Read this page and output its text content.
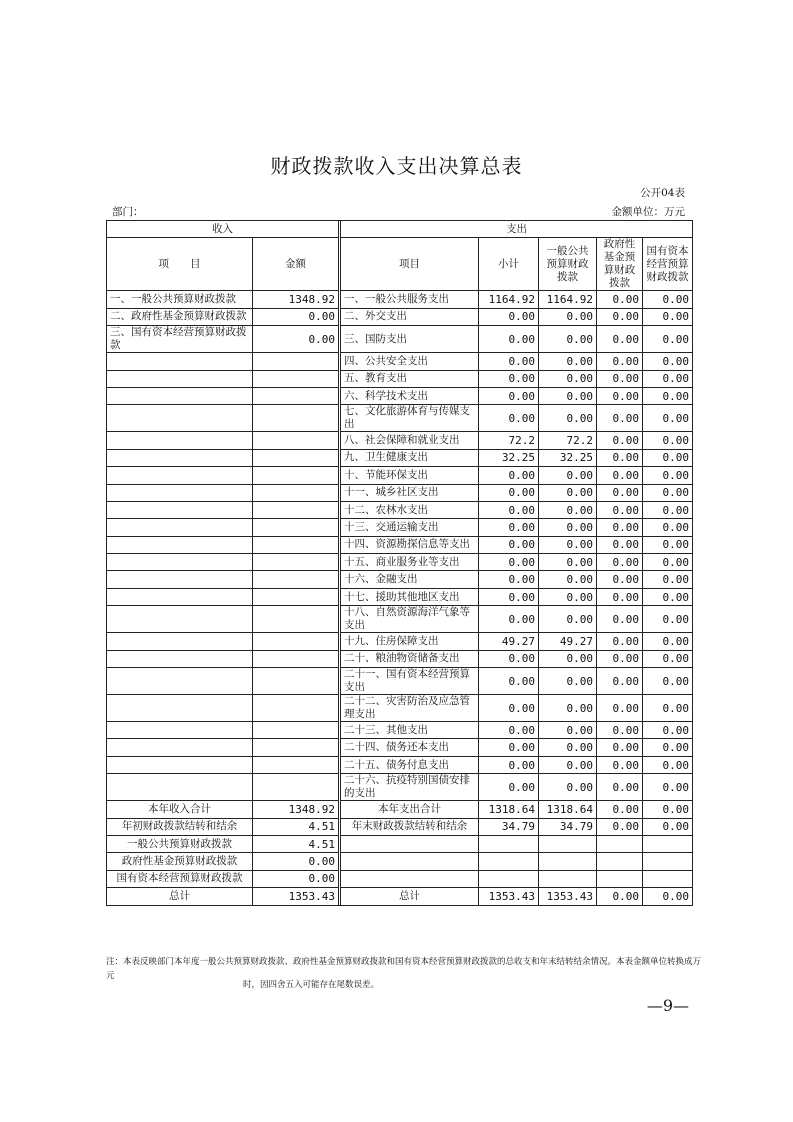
财政拨款收入支出决算总表
公开04表
部门：	金额单位：万元
收入			支出				
项　　目	金额		项目	小计	一般公共预算财政拨款	政府性基金预算财政拨款	国有资本经营预算财政拨款
一、一般公共预算财政拨款	1348.92		一、一般公共服务支出	1164.92	1164.92	0.00	0.00
二、政府性基金预算财政拨款	0.00		二、外交支出	0.00	0.00	0.00	0.00
三、国有资本经营预算财政拨款	0.00		三、国防支出	0.00	0.00	0.00	0.00
			四、公共安全支出	0.00	0.00	0.00	0.00
			五、教育支出	0.00	0.00	0.00	0.00
			六、科学技术支出	0.00	0.00	0.00	0.00
			七、文化旅游体育与传媒支出	0.00	0.00	0.00	0.00
			八、社会保障和就业支出	72.2	72.2	0.00	0.00
			九、卫生健康支出	32.25	32.25	0.00	0.00
			十、节能环保支出	0.00	0.00	0.00	0.00
			十一、城乡社区支出	0.00	0.00	0.00	0.00
			十二、农林水支出	0.00	0.00	0.00	0.00
			十三、交通运输支出	0.00	0.00	0.00	0.00
			十四、资源勘探信息等支出	0.00	0.00	0.00	0.00
			十五、商业服务业等支出	0.00	0.00	0.00	0.00
			十六、金融支出	0.00	0.00	0.00	0.00
			十七、援助其他地区支出	0.00	0.00	0.00	0.00
			十八、自然资源海洋气象等支出	0.00	0.00	0.00	0.00
			十九、住房保障支出	49.27	49.27	0.00	0.00
			二十、粮油物资储备支出	0.00	0.00	0.00	0.00
			二十一、国有资本经营预算支出	0.00	0.00	0.00	0.00
			二十二、灾害防治及应急管理支出	0.00	0.00	0.00	0.00
			二十三、其他支出	0.00	0.00	0.00	0.00
			二十四、债务还本支出	0.00	0.00	0.00	0.00
			二十五、债务付息支出	0.00	0.00	0.00	0.00
			二十六、抗疫特别国债安排的支出	0.00	0.00	0.00	0.00
本年收入合计	1348.92		本年支出合计	1318.64	1318.64	0.00	0.00
年初财政拨款结转和结余	4.51		年末财政拨款结转和结余	34.79	34.79	0.00	0.00
一般公共预算财政拨款	4.51						
政府性基金预算财政拨款	0.00						
国有资本经营预算财政拨款	0.00						
总计	1353.43		总计	1353.43	1353.43	0.00	0.00
注：本表反映部门本年度一般公共预算财政拨款、政府性基金预算财政拨款和国有资本经营预算财政拨款的总收支和年末结转结余情况。本表金额单位转换成万元
时，因四舍五入可能存在尾数误差。
—9—
